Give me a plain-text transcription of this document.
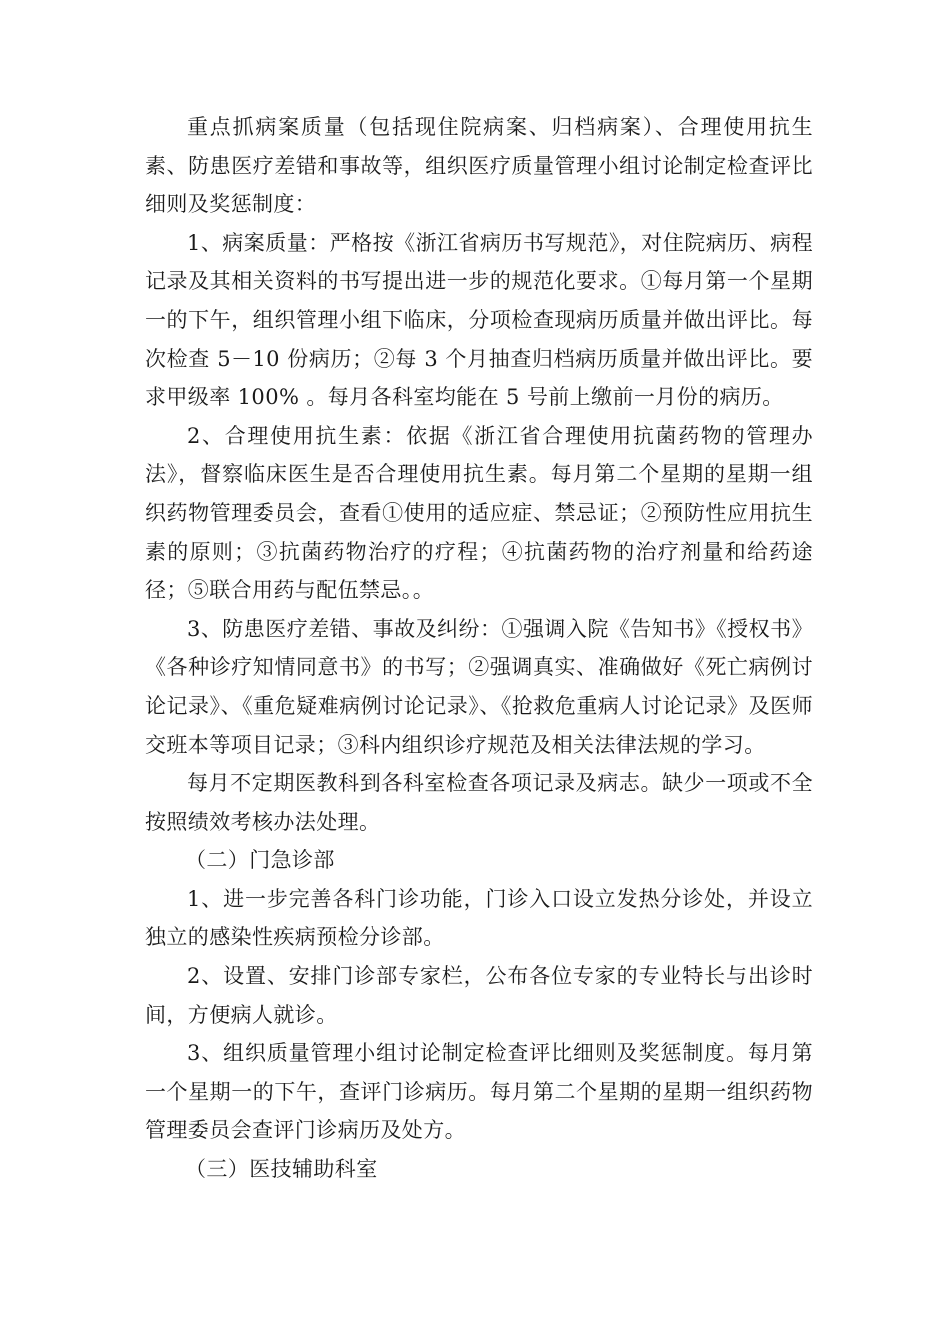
重点抓病案质量（包括现住院病案、归档病案）、合理使用抗生素、防患医疗差错和事故等，组织医疗质量管理小组讨论制定检查评比细则及奖惩制度：

1、病案质量：严格按《浙江省病历书写规范》，对住院病历、病程记录及其相关资料的书写提出进一步的规范化要求。①每月第一个星期一的下午，组织管理小组下临床，分项检查现病历质量并做出评比。每次检查 5－10 份病历；②每 3 个月抽查归档病历质量并做出评比。要求甲级率 100% 。每月各科室均能在 5 号前上缴前一月份的病历。

2、合理使用抗生素：依据《浙江省合理使用抗菌药物的管理办法》，督察临床医生是否合理使用抗生素。每月第二个星期的星期一组织药物管理委员会，查看①使用的适应症、禁忌证；②预防性应用抗生素的原则；③抗菌药物治疗的疗程；④抗菌药物的治疗剂量和给药途径；⑤联合用药与配伍禁忌。。

3、防患医疗差错、事故及纠纷：①强调入院《告知书》《授权书》《各种诊疗知情同意书》的书写；②强调真实、准确做好《死亡病例讨论记录》、《重危疑难病例讨论记录》、《抢救危重病人讨论记录》及医师交班本等项目记录；③科内组织诊疗规范及相关法律法规的学习。

每月不定期医教科到各科室检查各项记录及病志。缺少一项或不全按照绩效考核办法处理。

（二）门急诊部

1、进一步完善各科门诊功能，门诊入口设立发热分诊处，并设立独立的感染性疾病预检分诊部。

2、设置、安排门诊部专家栏，公布各位专家的专业特长与出诊时间，方便病人就诊。

3、组织质量管理小组讨论制定检查评比细则及奖惩制度。每月第一个星期一的下午，查评门诊病历。每月第二个星期的星期一组织药物管理委员会查评门诊病历及处方。

（三）医技辅助科室
